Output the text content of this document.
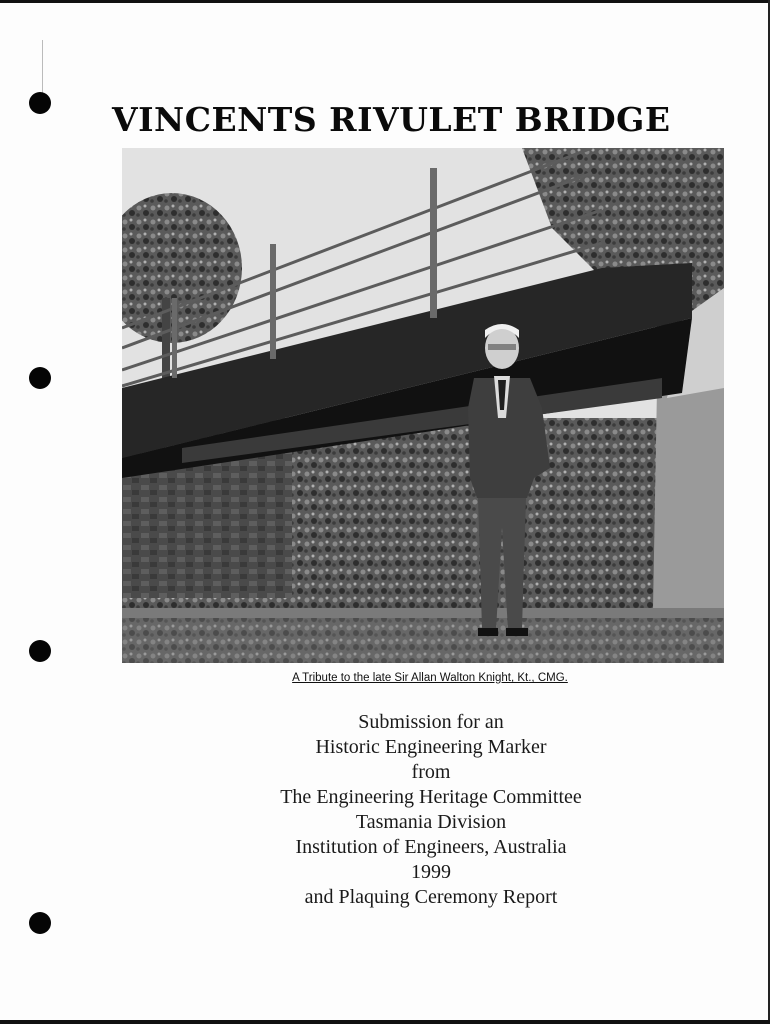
VINCENTS RIVULET BRIDGE

A Tribute to the late Sir Allan Walton Knight, Kt., CMG.

Submission for an
Historic Engineering Marker
from
The Engineering Heritage Committee
Tasmania Division
Institution of Engineers, Australia
1999
and Plaquing Ceremony Report
